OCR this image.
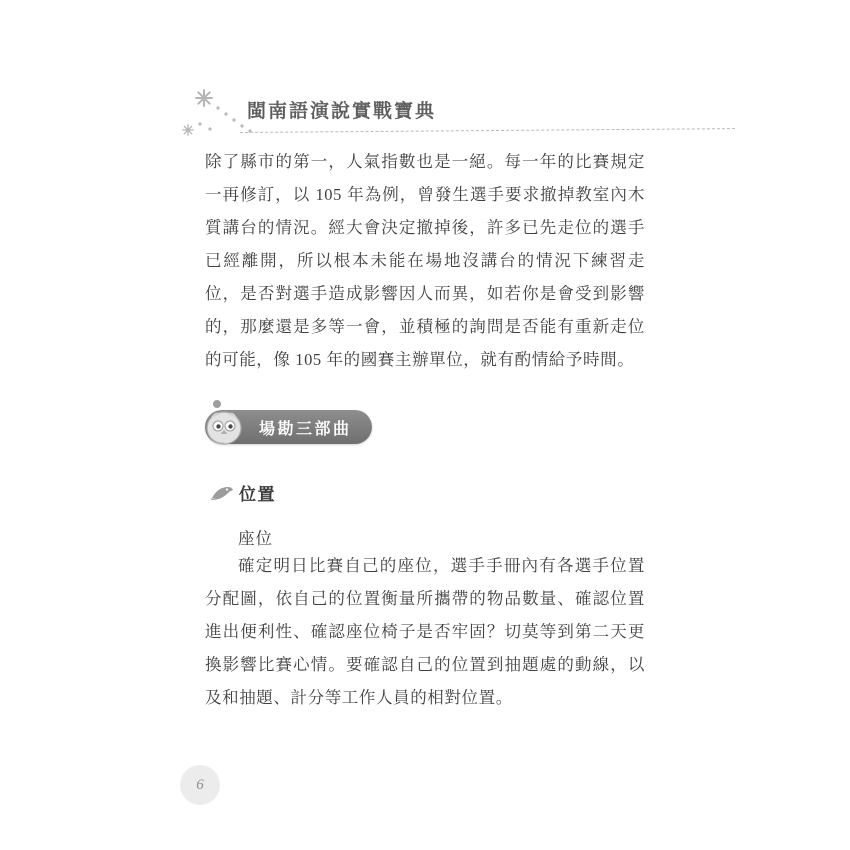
閩南語演說實戰寶典

除了縣市的第一，人氣指數也是一絕。每一年的比賽規定一再修訂，以 105 年為例，曾發生選手要求撤掉教室內木質講台的情況。經大會決定撤掉後，許多已先走位的選手已經離開，所以根本未能在場地沒講台的情況下練習走位，是否對選手造成影響因人而異，如若你是會受到影響的，那麼還是多等一會，並積極的詢問是否能有重新走位的可能，像 105 年的國賽主辦單位，就有酌情給予時間。

場勘三部曲
位置
座位

確定明日比賽自己的座位，選手手冊內有各選手位置分配圖，依自己的位置衡量所攜帶的物品數量、確認位置進出便利性、確認座位椅子是否牢固？切莫等到第二天更換影響比賽心情。要確認自己的位置到抽題處的動線，以及和抽題、計分等工作人員的相對位置。

6
